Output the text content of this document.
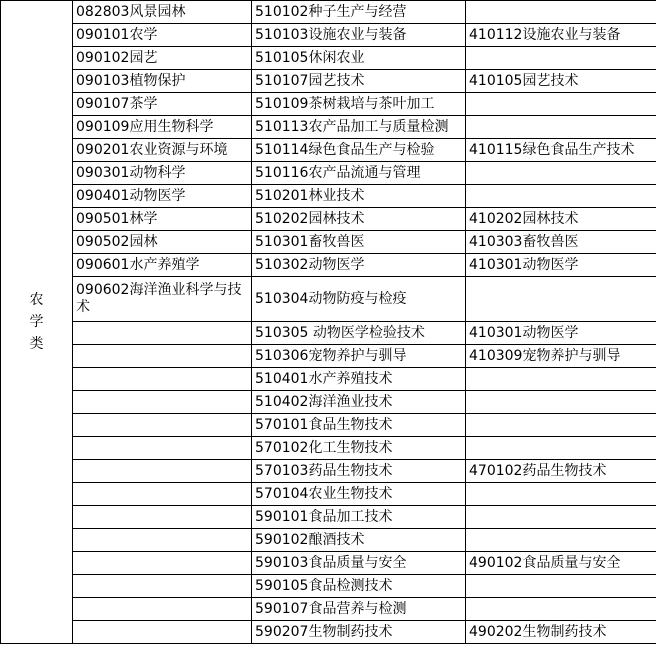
农学类	082803风景园林	510102种子生产与经营	
	090101农学	510103设施农业与装备	410112设施农业与装备
	090102园艺	510105休闲农业	
	090103植物保护	510107园艺技术	410105园艺技术
	090107茶学	510109茶树栽培与茶叶加工	
	090109应用生物科学	510113农产品加工与质量检测	
	090201农业资源与环境	510114绿色食品生产与检验	410115绿色食品生产技术
	090301动物科学	510116农产品流通与管理	
	090401动物医学	510201林业技术	
	090501林学	510202园林技术	410202园林技术
	090502园林	510301畜牧兽医	410303畜牧兽医
	090601水产养殖学	510302动物医学	410301动物医学
	090602海洋渔业科学与技术	510304动物防疫与检疫	
		510305 动物医学检验技术	410301动物医学
		510306宠物养护与驯导	410309宠物养护与驯导
		510401水产养殖技术	
		510402海洋渔业技术	
		570101食品生物技术	
		570102化工生物技术	
		570103药品生物技术	470102药品生物技术
		570104农业生物技术	
		590101食品加工技术	
		590102酿酒技术	
		590103食品质量与安全	490102食品质量与安全
		590105食品检测技术	
		590107食品营养与检测	
		590207生物制药技术	490202生物制药技术
